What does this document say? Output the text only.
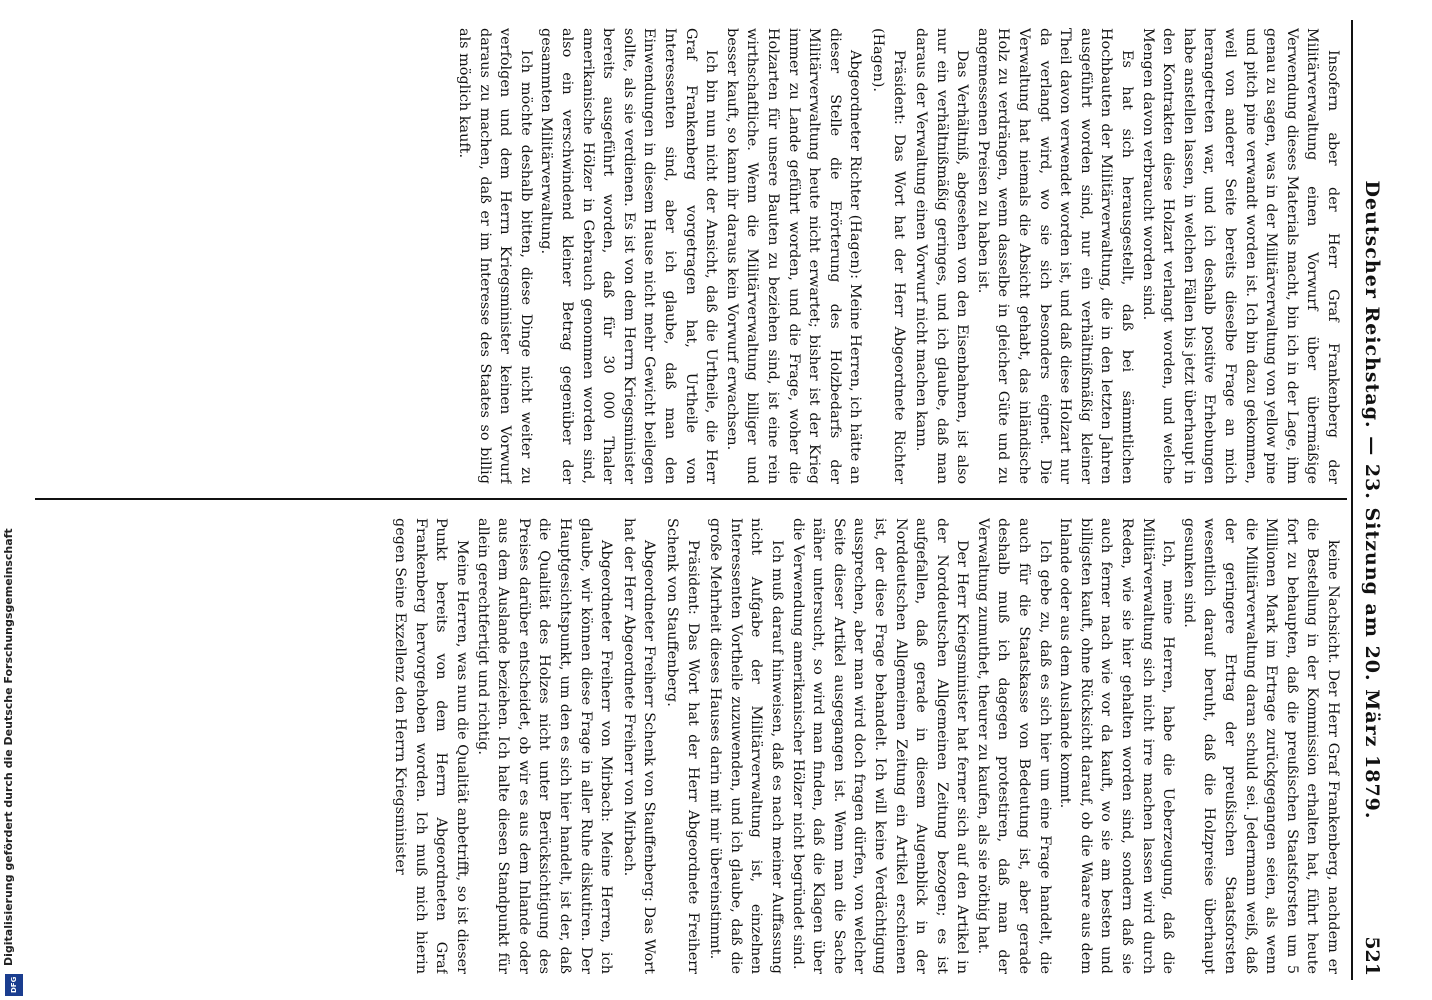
Deutscher Reichstag. — 23. Sitzung am 20. März 1879.
521

Insofern aber der Herr Graf Frankenberg der Militärverwaltung einen Vorwurf über übermäßige Verwendung dieses Materials macht, bin ich in der Lage, ihm genau zu sagen, was in der Militärverwaltung von yellow pine und pitch pine verwandt worden ist. Ich bin dazu gekommen, weil von anderer Seite bereits dieselbe Frage an mich herangetreten war, und ich deshalb positive Erhebungen habe anstellen lassen, in welchen Fällen bis jetzt überhaupt in den Kontrakten diese Holzart verlangt worden, und welche Mengen davon verbraucht worden sind.

Es hat sich herausgestellt, daß bei sämmtlichen Hochbauten der Militärverwaltung, die in den letzten Jahren ausgeführt worden sind, nur ein verhältnißmäßig kleiner Theil davon verwendet worden ist, und daß diese Holzart nur da verlangt wird, wo sie sich besonders eignet. Die Verwaltung hat niemals die Absicht gehabt, das inländische Holz zu verdrängen, wenn dasselbe in gleicher Güte und zu angemessenen Preisen zu haben ist.

Das Verhältniß, abgesehen von den Eisenbahnen, ist also nur ein verhältnißmäßig geringes, und ich glaube, daß man daraus der Verwaltung einen Vorwurf nicht machen kann.

Präsident: Das Wort hat der Herr Abgeordnete Richter (Hagen).

Abgeordneter Richter (Hagen): Meine Herren, ich hätte an dieser Stelle die Erörterung des Holzbedarfs der Militärverwaltung heute nicht erwartet; bisher ist der Krieg immer zu Lande geführt worden, und die Frage, woher die Holzarten für unsere Bauten zu beziehen sind, ist eine rein wirthschaftliche. Wenn die Militärverwaltung billiger und besser kauft, so kann ihr daraus kein Vorwurf erwachsen.

Ich bin nun nicht der Ansicht, daß die Urtheile, die Herr Graf Frankenberg vorgetragen hat, Urtheile von Interessenten sind, aber ich glaube, daß man den Einwendungen in diesem Hause nicht mehr Gewicht beilegen sollte, als sie verdienen. Es ist von dem Herrn Kriegsminister bereits ausgeführt worden, daß für 30 000 Thaler amerikanische Hölzer in Gebrauch genommen worden sind, also ein verschwindend kleiner Betrag gegenüber der gesammten Militärverwaltung.

Ich möchte deshalb bitten, diese Dinge nicht weiter zu verfolgen und dem Herrn Kriegsminister keinen Vorwurf daraus zu machen, daß er im Interesse des Staates so billig als möglich kauft.

keine Nachsicht. Der Herr Graf Frankenberg, nachdem er die Bestellung in der Kommission erhalten hat, führt heute fort zu behaupten, daß die preußischen Staatsforsten um 5 Millionen Mark im Ertrage zurückgegangen seien, als wenn die Militärverwaltung daran schuld sei. Jedermann weiß, daß der geringere Ertrag der preußischen Staatsforsten wesentlich darauf beruht, daß die Holzpreise überhaupt gesunken sind.

Ich, meine Herren, habe die Ueberzeugung, daß die Militärverwaltung sich nicht irre machen lassen wird durch Reden, wie sie hier gehalten worden sind, sondern daß sie auch ferner nach wie vor da kauft, wo sie am besten und billigsten kauft, ohne Rücksicht darauf, ob die Waare aus dem Inlande oder aus dem Auslande kommt.

Ich gebe zu, daß es sich hier um eine Frage handelt, die auch für die Staatskasse von Bedeutung ist, aber gerade deshalb muß ich dagegen protestiren, daß man der Verwaltung zumuthet, theurer zu kaufen, als sie nöthig hat.

Der Herr Kriegsminister hat ferner sich auf den Artikel in der Norddeutschen Allgemeinen Zeitung bezogen; es ist aufgefallen, daß gerade in diesem Augenblick in der Norddeutschen Allgemeinen Zeitung ein Artikel erschienen ist, der diese Frage behandelt. Ich will keine Verdächtigung aussprechen, aber man wird doch fragen dürfen, von welcher Seite dieser Artikel ausgegangen ist. Wenn man die Sache näher untersucht, so wird man finden, daß die Klagen über die Verwendung amerikanischer Hölzer nicht begründet sind.

Ich muß darauf hinweisen, daß es nach meiner Auffassung nicht Aufgabe der Militärverwaltung ist, einzelnen Interessenten Vortheile zuzuwenden, und ich glaube, daß die große Mehrheit dieses Hauses darin mit mir übereinstimmt.

Präsident: Das Wort hat der Herr Abgeordnete Freiherr Schenk von Stauffenberg.

Abgeordneter Freiherr Schenk von Stauffenberg: Das Wort hat der Herr Abgeordnete Freiherr von Mirbach.

Abgeordneter Freiherr von Mirbach: Meine Herren, ich glaube, wir können diese Frage in aller Ruhe diskutiren. Der Hauptgesichtspunkt, um den es sich hier handelt, ist der, daß die Qualität des Holzes nicht unter Berücksichtigung des Preises darüber entscheidet, ob wir es aus dem Inlande oder aus dem Auslande beziehen. Ich halte diesen Standpunkt für allein gerechtfertigt und richtig.

Meine Herren, was nun die Qualität anbetrifft, so ist dieser Punkt bereits von dem Herrn Abgeordneten Graf Frankenberg hervorgehoben worden. Ich muß mich hierin gegen Seine Exzellenz den Herrn Kriegsminister

Digitalisierung gefördert durch die Deutsche Forschungsgemeinschaft
DFG
